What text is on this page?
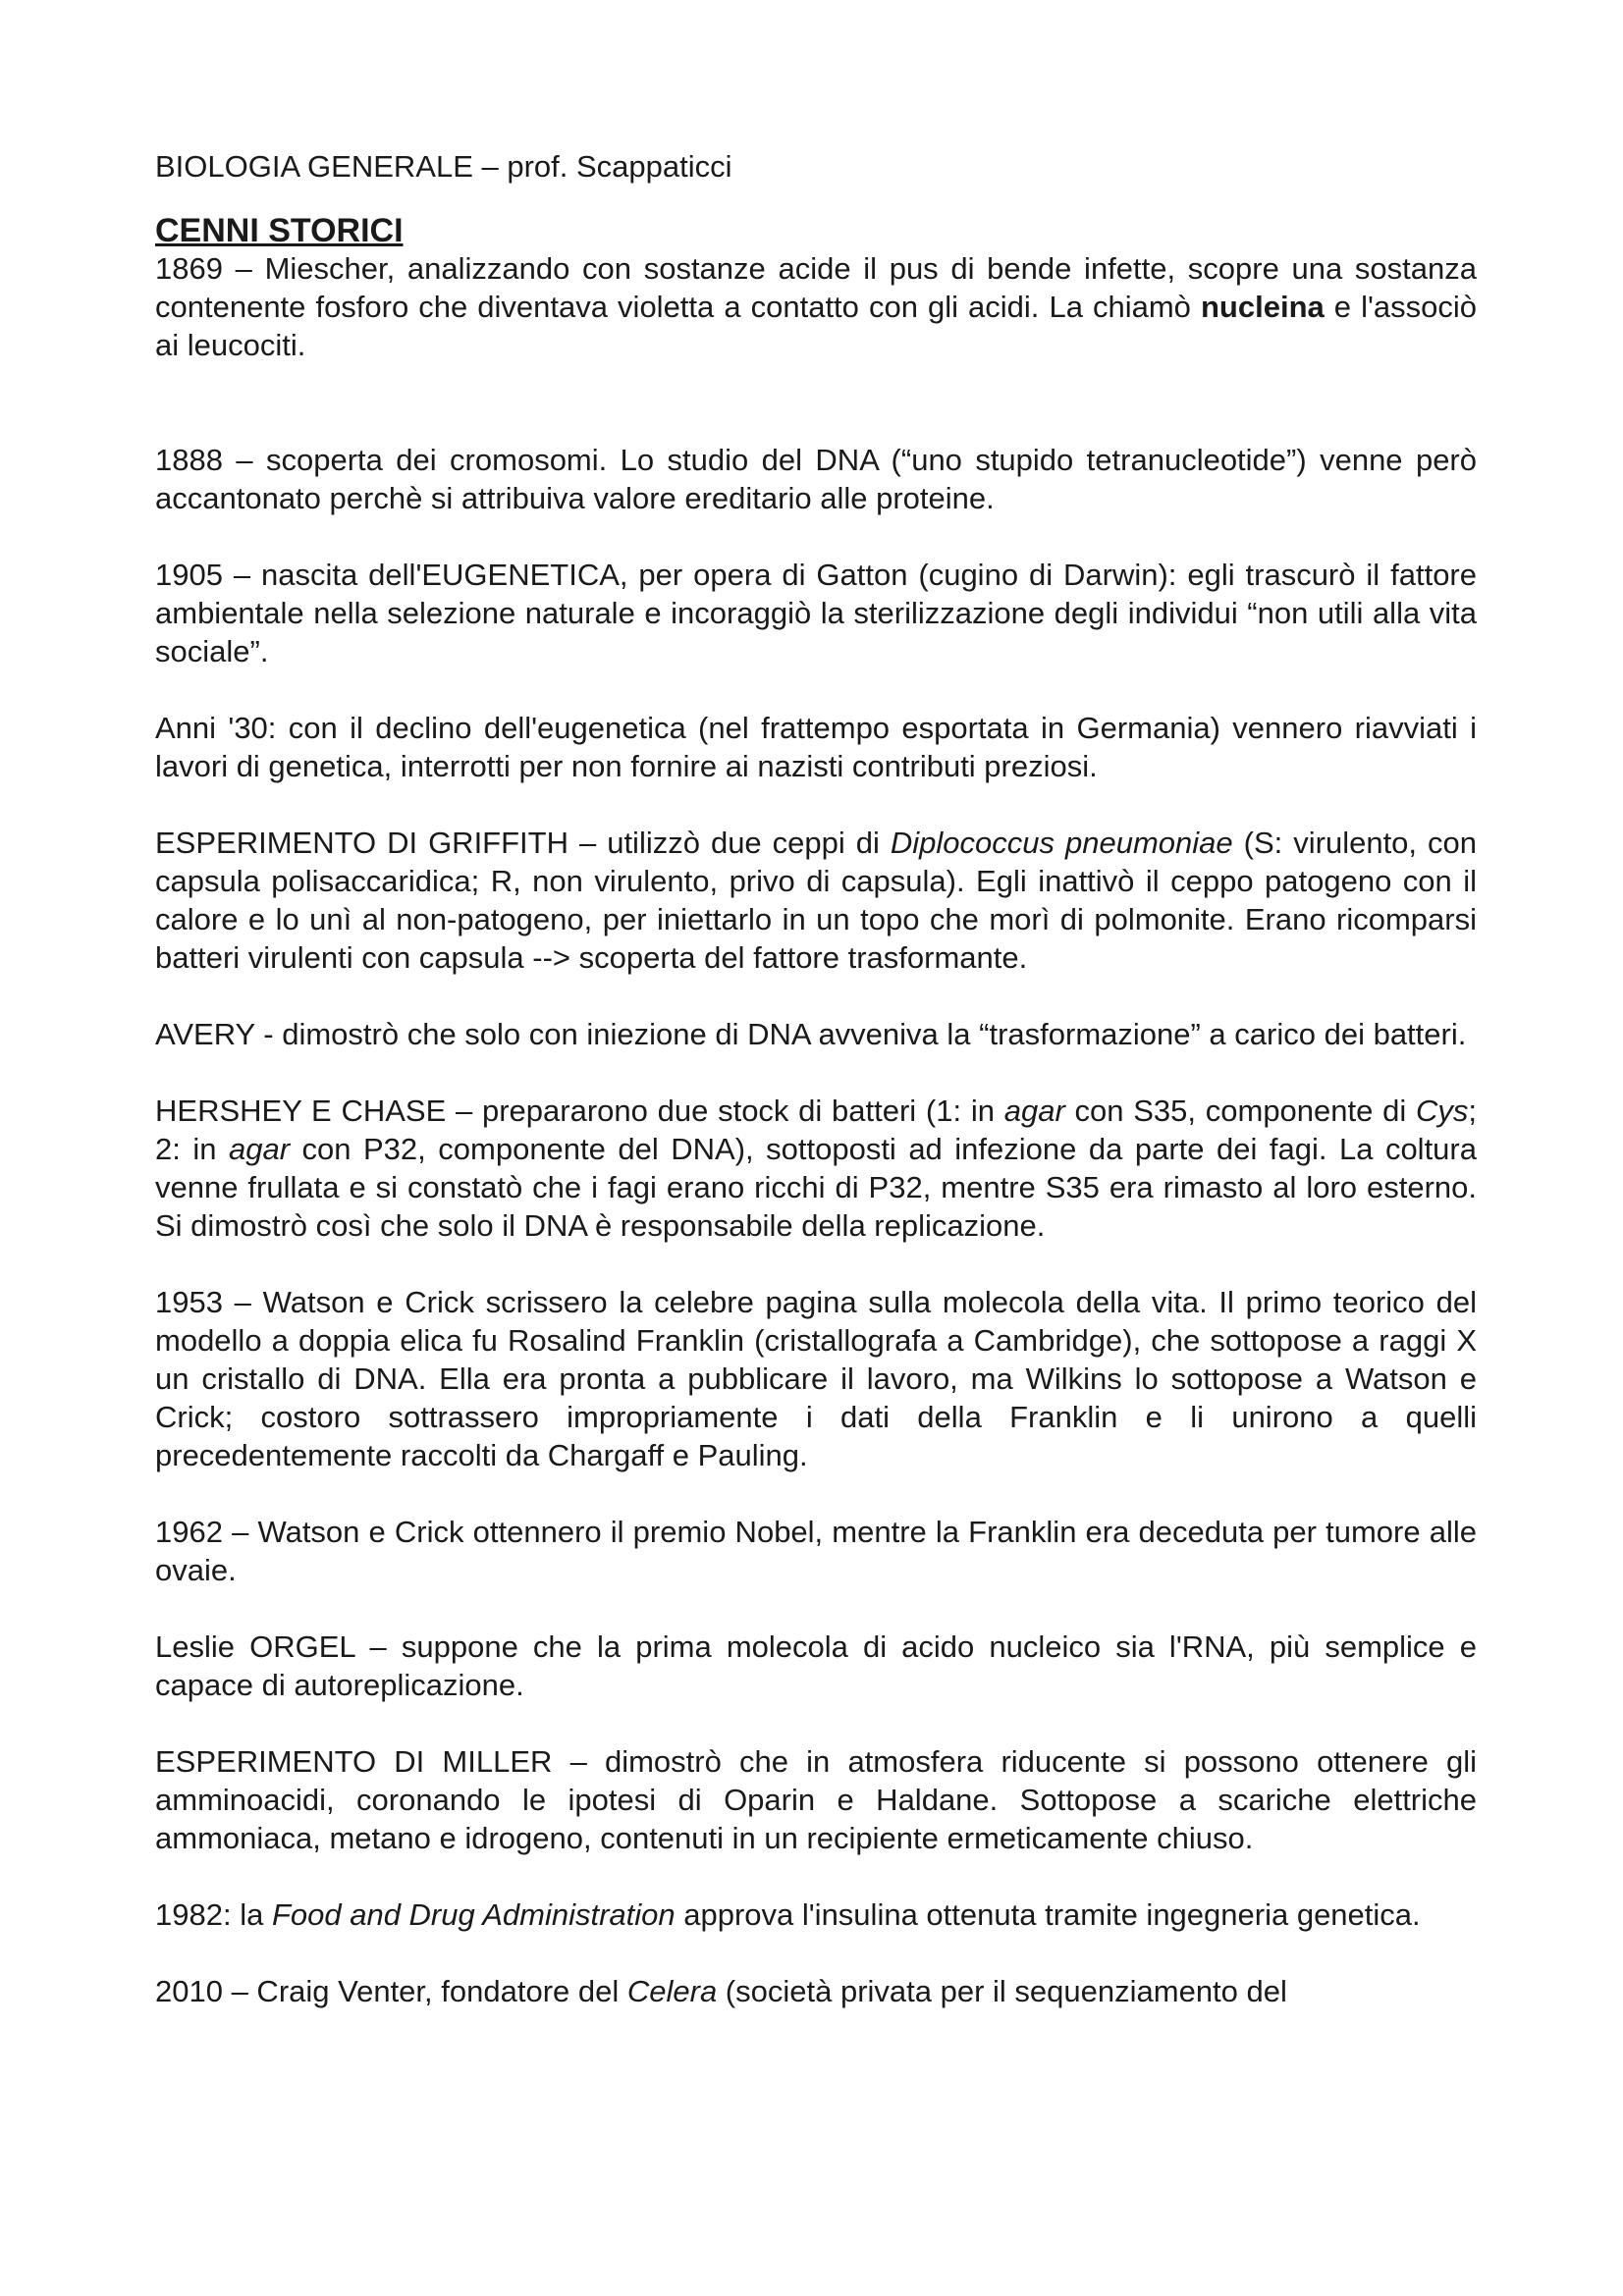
BIOLOGIA GENERALE – prof. Scappaticci
CENNI STORICI

1869 – Miescher, analizzando con sostanze acide il pus di bende infette, scopre una sostanza contenente fosforo che diventava violetta a contatto con gli acidi. La chiamò nucleina e l'associò ai leucociti.

1888 – scoperta dei cromosomi. Lo studio del DNA (“uno stupido tetranucleotide”) venne però accantonato perchè si attribuiva valore ereditario alle proteine.

1905 – nascita dell'EUGENETICA, per opera di Gatton (cugino di Darwin): egli trascurò il fattore ambientale nella selezione naturale e incoraggiò la sterilizzazione degli individui “non utili alla vita sociale”.

Anni '30: con il declino dell'eugenetica (nel frattempo esportata in Germania) vennero riavviati i lavori di genetica, interrotti per non fornire ai nazisti contributi preziosi.

ESPERIMENTO DI GRIFFITH – utilizzò due ceppi di Diplococcus pneumoniae (S: virulento, con capsula polisaccaridica; R, non virulento, privo di capsula). Egli inattivò il ceppo patogeno con il calore e lo unì al non-patogeno, per iniettarlo in un topo che morì di polmonite. Erano ricomparsi batteri virulenti con capsula --> scoperta del fattore trasformante.

AVERY - dimostrò che solo con iniezione di DNA avveniva la “trasformazione” a carico dei batteri.

HERSHEY E CHASE – prepararono due stock di batteri (1: in agar con S35, componente di Cys; 2: in agar con P32, componente del DNA), sottoposti ad infezione da parte dei fagi. La coltura venne frullata e si constatò che i fagi erano ricchi di P32, mentre S35 era rimasto al loro esterno. Si dimostrò così che solo il DNA è responsabile della replicazione.

1953 – Watson e Crick scrissero la celebre pagina sulla molecola della vita. Il primo teorico del modello a doppia elica fu Rosalind Franklin (cristallografa a Cambridge), che sottopose a raggi X un cristallo di DNA. Ella era pronta a pubblicare il lavoro, ma Wilkins lo sottopose a Watson e Crick; costoro sottrassero impropriamente i dati della Franklin e li unirono a quelli precedentemente raccolti da Chargaff e Pauling.

1962 – Watson e Crick ottennero il premio Nobel, mentre la Franklin era deceduta per tumore alle ovaie.

Leslie ORGEL – suppone che la prima molecola di acido nucleico sia l'RNA, più semplice e capace di autoreplicazione.

ESPERIMENTO DI MILLER – dimostrò che in atmosfera riducente si possono ottenere gli amminoacidi, coronando le ipotesi di Oparin e Haldane. Sottopose a scariche elettriche ammoniaca, metano e idrogeno, contenuti in un recipiente ermeticamente chiuso.

1982: la Food and Drug Administration approva l'insulina ottenuta tramite ingegneria genetica.

2010 – Craig Venter, fondatore del Celera (società privata per il sequenziamento del
